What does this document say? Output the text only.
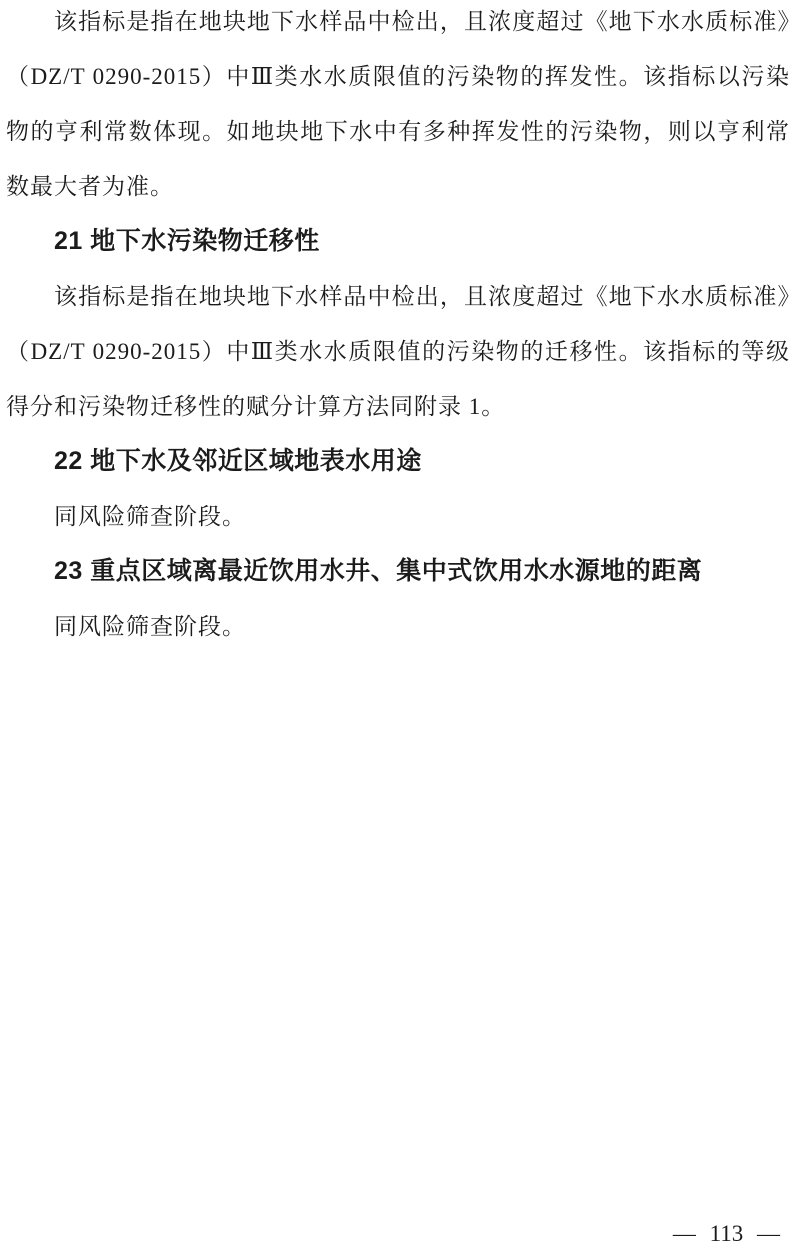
该指标是指在地块地下水样品中检出，且浓度超过《地下水水质标准》（DZ/T 0290-2015）中Ⅲ类水水质限值的污染物的挥发性。该指标以污染物的亨利常数体现。如地块地下水中有多种挥发性的污染物，则以亨利常数最大者为准。

21 地下水污染物迁移性

该指标是指在地块地下水样品中检出，且浓度超过《地下水水质标准》（DZ/T 0290-2015）中Ⅲ类水水质限值的污染物的迁移性。该指标的等级得分和污染物迁移性的赋分计算方法同附录 1。

22 地下水及邻近区域地表水用途

同风险筛查阶段。

23 重点区域离最近饮用水井、集中式饮用水水源地的距离

同风险筛查阶段。

— 113 —
